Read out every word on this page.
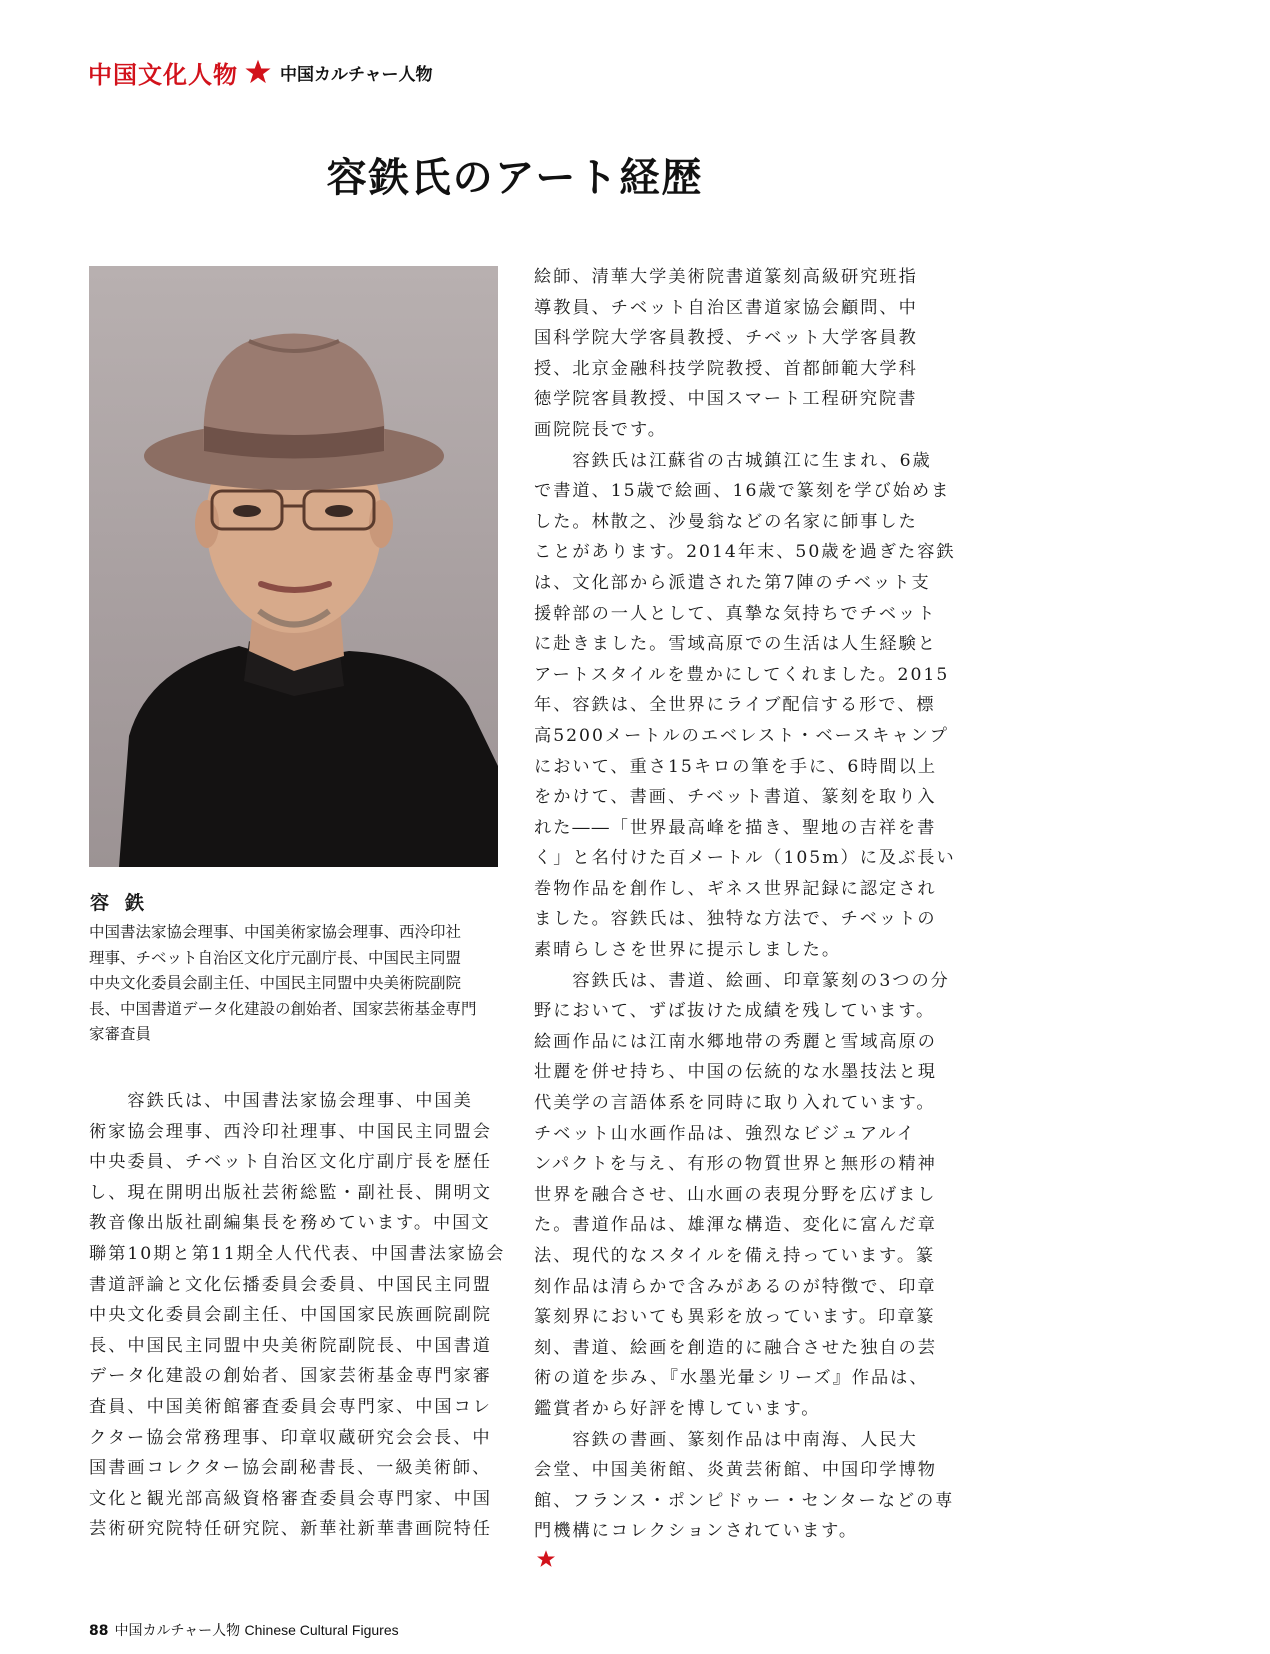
中国文化人物 中国カルチャー人物
容鉄氏のアート経歴
容 鉄
中国書法家協会理事、中国美術家協会理事、西泠印社
理事、チベット自治区文化庁元副庁長、中国民主同盟
中央文化委員会副主任、中国民主同盟中央美術院副院
長、中国書道データ化建設の創始者、国家芸術基金専門
家審査員
　　容鉄氏は、中国書法家協会理事、中国美
術家協会理事、西泠印社理事、中国民主同盟会
中央委員、チベット自治区文化庁副庁長を歴任
し、現在開明出版社芸術総監・副社長、開明文
教音像出版社副編集長を務めています。中国文
聯第10期と第11期全人代代表、中国書法家協会
書道評論と文化伝播委員会委員、中国民主同盟
中央文化委員会副主任、中国国家民族画院副院
長、中国民主同盟中央美術院副院長、中国書道
データ化建設の創始者、国家芸術基金専門家審
査員、中国美術館審査委員会専門家、中国コレ
クター協会常務理事、印章収蔵研究会会長、中
国書画コレクター協会副秘書長、一級美術師、
文化と観光部高級資格審査委員会専門家、中国
芸術研究院特任研究院、新華社新華書画院特任
絵師、清華大学美術院書道篆刻高級研究班指
導教員、チベット自治区書道家協会顧問、中
国科学院大学客員教授、チベット大学客員教
授、北京金融科技学院教授、首都師範大学科
徳学院客員教授、中国スマート工程研究院書
画院院長です。
　　容鉄氏は江蘇省の古城鎮江に生まれ、6歳
で書道、15歳で絵画、16歳で篆刻を学び始めま
した。林散之、沙曼翁などの名家に師事した
ことがあります。2014年末、50歳を過ぎた容鉄
は、文化部から派遣された第7陣のチベット支
援幹部の一人として、真摯な気持ちでチベット
に赴きました。雪域高原での生活は人生経験と
アートスタイルを豊かにしてくれました。2015
年、容鉄は、全世界にライブ配信する形で、標
高5200メートルのエベレスト・ベースキャンプ
において、重さ15キロの筆を手に、6時間以上
をかけて、書画、チベット書道、篆刻を取り入
れた――「世界最高峰を描き、聖地の吉祥を書
く」と名付けた百メートル（105m）に及ぶ長い
巻物作品を創作し、ギネス世界記録に認定され
ました。容鉄氏は、独特な方法で、チベットの
素晴らしさを世界に提示しました。
　　容鉄氏は、書道、絵画、印章篆刻の3つの分
野において、ずば抜けた成績を残しています。
絵画作品には江南水郷地帯の秀麗と雪域高原の
壮麗を併せ持ち、中国の伝統的な水墨技法と現
代美学の言語体系を同時に取り入れています。
チベット山水画作品は、強烈なビジュアルイ
ンパクトを与え、有形の物質世界と無形の精神
世界を融合させ、山水画の表現分野を広げまし
た。書道作品は、雄渾な構造、変化に富んだ章
法、現代的なスタイルを備え持っています。篆
刻作品は清らかで含みがあるのが特徴で、印章
篆刻界においても異彩を放っています。印章篆
刻、書道、絵画を創造的に融合させた独自の芸
術の道を歩み、『水墨光暈シリーズ』作品は、
鑑賞者から好評を博しています。
　　容鉄の書画、篆刻作品は中南海、人民大
会堂、中国美術館、炎黄芸術館、中国印学博物
館、フランス・ポンピドゥー・センターなどの専
門機構にコレクションされています。
88 中国カルチャー人物 Chinese Cultural Figures
